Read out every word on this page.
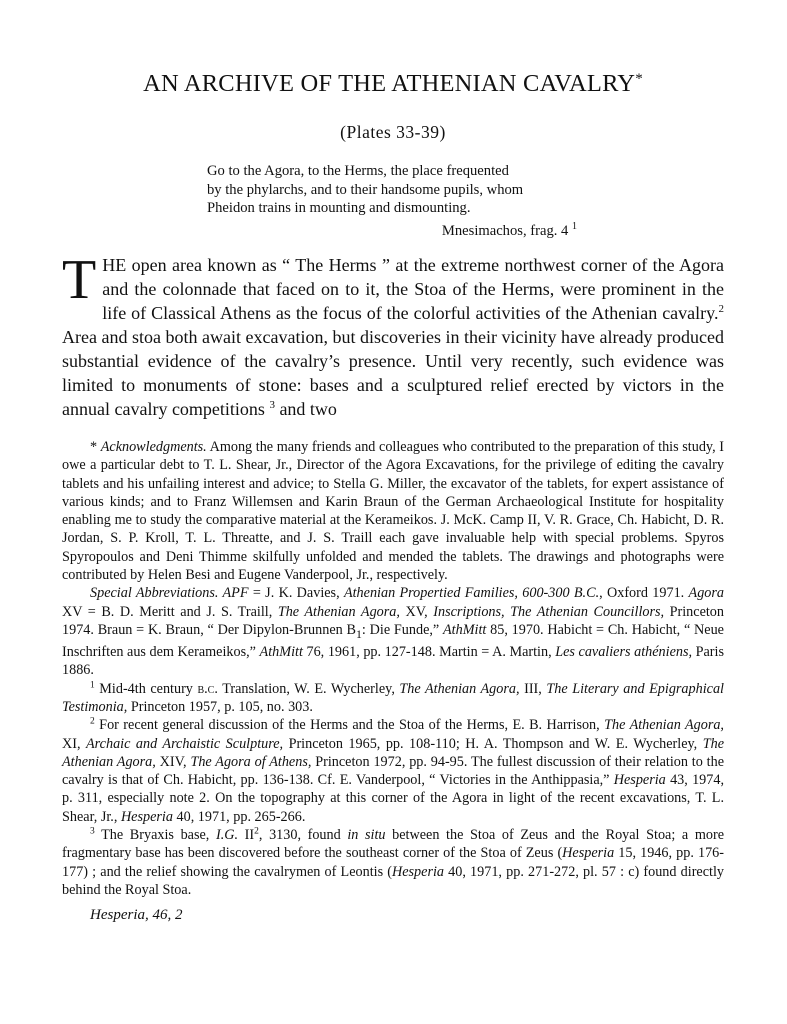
AN ARCHIVE OF THE ATHENIAN CAVALRY*
(Plates 33-39)
Go to the Agora, to the Herms, the place frequented
by the phylarchs, and to their handsome pupils, whom
Pheidon trains in mounting and dismounting.
Mnesimachos, frag. 4 $^1$

THE open area known as “ The Herms ” at the extreme northwest corner of the Agora and the colonnade that faced on to it, the Stoa of the Herms, were prominent in the life of Classical Athens as the focus of the colorful activities of the Athenian cavalry.$^2$ Area and stoa both await excavation, but discoveries in their vicinity have already produced substantial evidence of the cavalry’s presence. Until very recently, such evidence was limited to monuments of stone: bases and a sculptured relief erected by victors in the annual cavalry competitions $^3$ and two

* Acknowledgments. Among the many friends and colleagues who contributed to the preparation of this study, I owe a particular debt to T. L. Shear, Jr., Director of the Agora Excavations, for the privilege of editing the cavalry tablets and his unfailing interest and advice; to Stella G. Miller, the excavator of the tablets, for expert assistance of various kinds; and to Franz Willemsen and Karin Braun of the German Archaeological Institute for hospitality enabling me to study the comparative material at the Kerameikos. J. McK. Camp II, V. R. Grace, Ch. Habicht, D. R. Jordan, S. P. Kroll, T. L. Threatte, and J. S. Traill each gave invaluable help with special problems. Spyros Spyropoulos and Deni Thimme skilfully unfolded and mended the tablets. The drawings and photographs were contributed by Helen Besi and Eugene Vanderpool, Jr., respectively.

Special Abbreviations. APF = J. K. Davies, Athenian Propertied Families, 600-300 B.C., Oxford 1971. Agora XV = B. D. Meritt and J. S. Traill, The Athenian Agora, XV, Inscriptions, The Athenian Councillors, Princeton 1974. Braun = K. Braun, “ Der Dipylon-Brunnen $B_1$: Die Funde,” AthMitt 85, 1970. Habicht = Ch. Habicht, “ Neue Inschriften aus dem Kerameikos,” AthMitt 76, 1961, pp. 127-148. Martin = A. Martin, Les cavaliers athéniens, Paris 1886.

$^1$ Mid-4th century b.c. Translation, W. E. Wycherley, The Athenian Agora, III, The Literary and Epigraphical Testimonia, Princeton 1957, p. 105, no. 303.

$^2$ For recent general discussion of the Herms and the Stoa of the Herms, E. B. Harrison, The Athenian Agora, XI, Archaic and Archaistic Sculpture, Princeton 1965, pp. 108-110; H. A. Thompson and W. E. Wycherley, The Athenian Agora, XIV, The Agora of Athens, Princeton 1972, pp. 94-95. The fullest discussion of their relation to the cavalry is that of Ch. Habicht, pp. 136-138. Cf. E. Vanderpool, “ Victories in the Anthippasia,” Hesperia 43, 1974, p. 311, especially note 2. On the topography at this corner of the Agora in light of the recent excavations, T. L. Shear, Jr., Hesperia 40, 1971, pp. 265-266.

$^3$ The Bryaxis base, I.G. $II^2$, 3130, found in situ between the Stoa of Zeus and the Royal Stoa; a more fragmentary base has been discovered before the southeast corner of the Stoa of Zeus (Hesperia 15, 1946, pp. 176-177) ; and the relief showing the cavalrymen of Leontis (Hesperia 40, 1971, pp. 271-272, pl. 57 : c) found directly behind the Royal Stoa.

Hesperia, 46, 2
